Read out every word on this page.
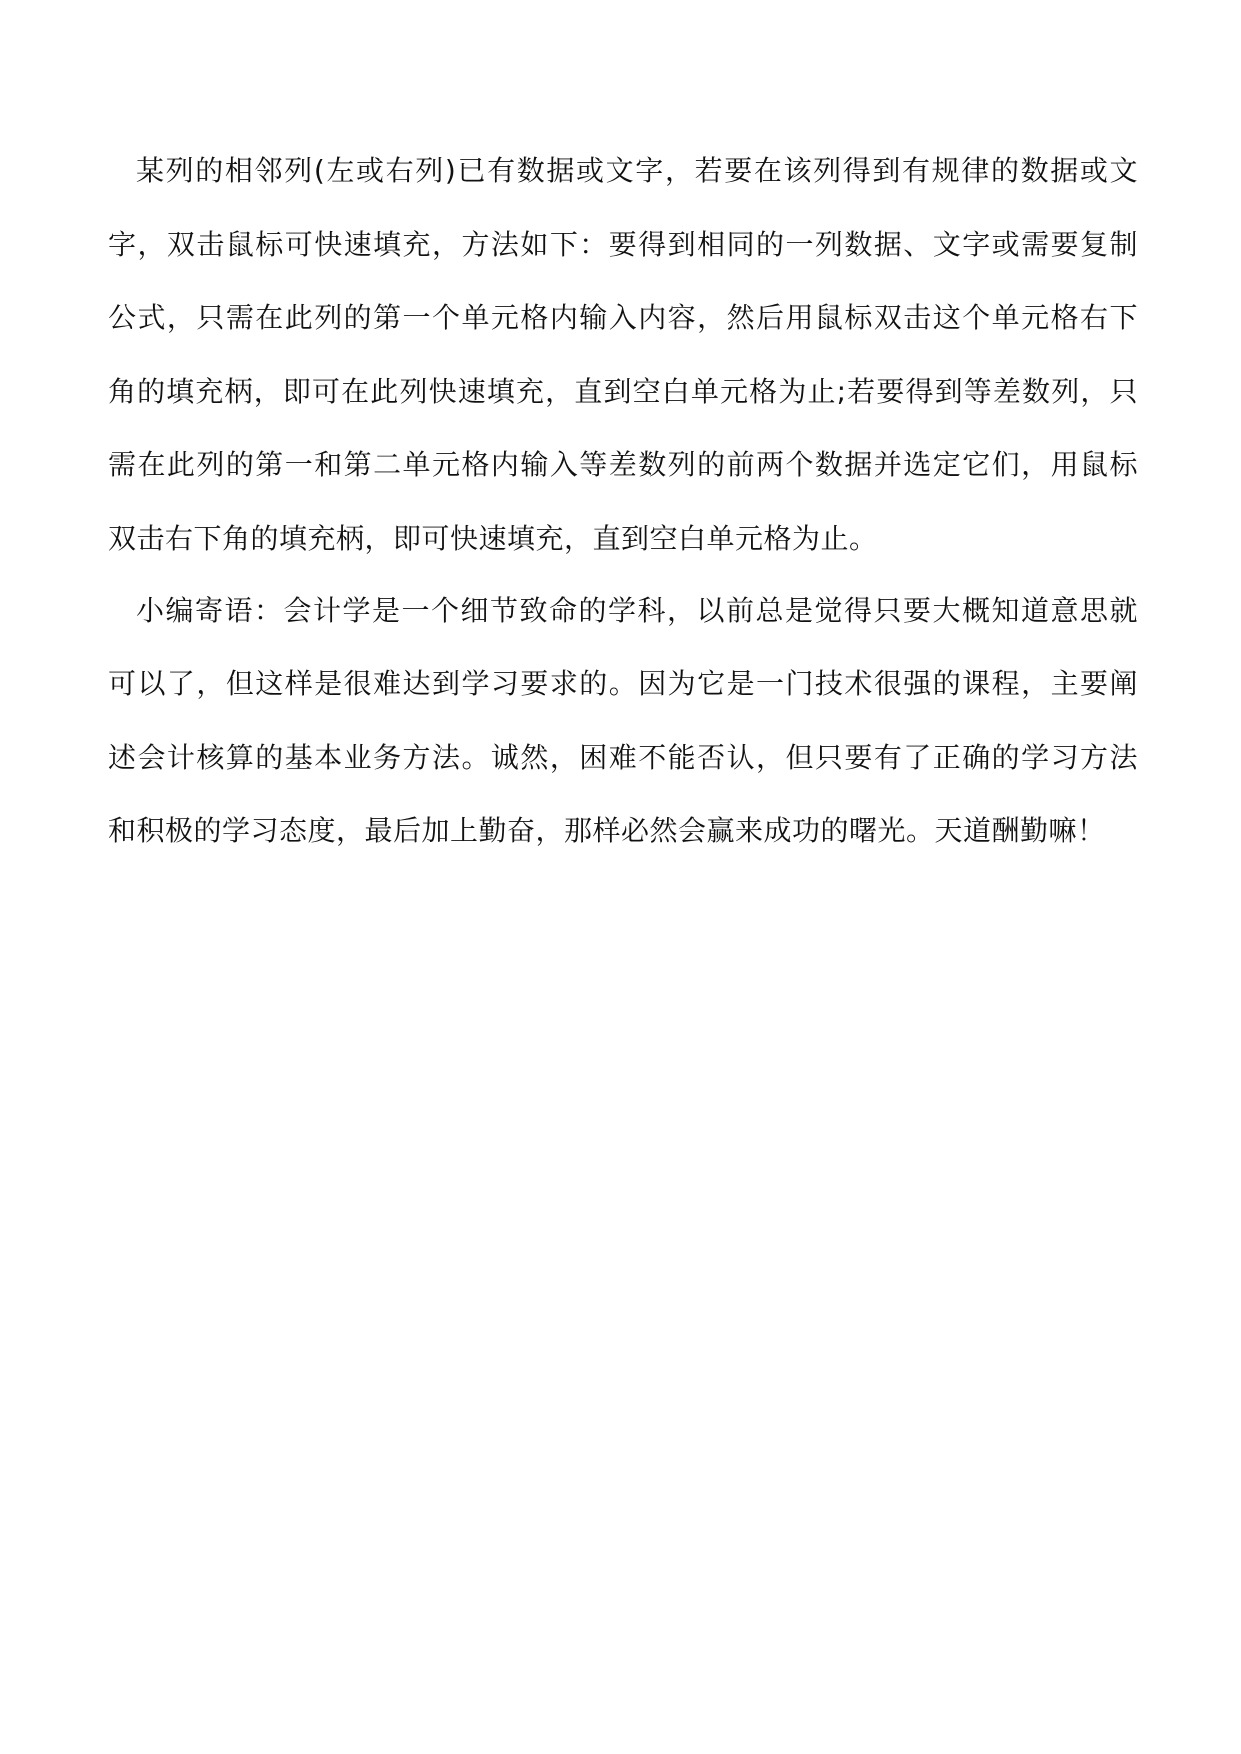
某列的相邻列(左或右列)已有数据或文字，若要在该列得到有规律的数据或文
字，双击鼠标可快速填充，方法如下：要得到相同的一列数据、文字或需要复制
公式，只需在此列的第一个单元格内输入内容，然后用鼠标双击这个单元格右下
角的填充柄，即可在此列快速填充，直到空白单元格为止;若要得到等差数列，只
需在此列的第一和第二单元格内输入等差数列的前两个数据并选定它们，用鼠标
双击右下角的填充柄，即可快速填充，直到空白单元格为止。
小编寄语：会计学是一个细节致命的学科，以前总是觉得只要大概知道意思就
可以了，但这样是很难达到学习要求的。因为它是一门技术很强的课程，主要阐
述会计核算的基本业务方法。诚然，困难不能否认，但只要有了正确的学习方法
和积极的学习态度，最后加上勤奋，那样必然会赢来成功的曙光。天道酬勤嘛！
